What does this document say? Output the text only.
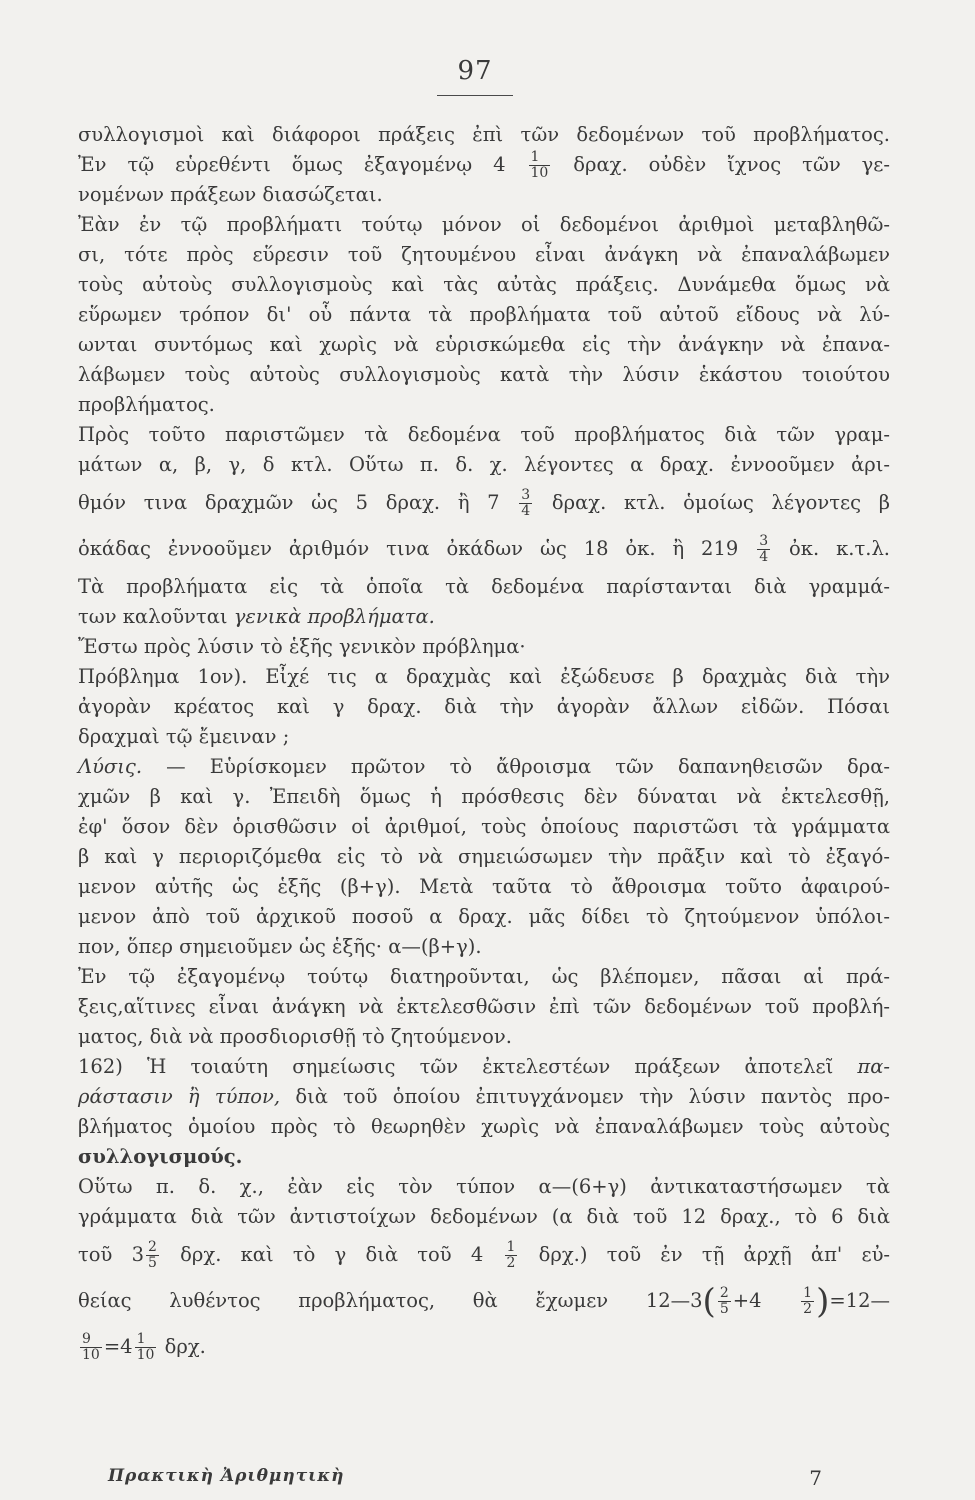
97
συλλογισμοὶ καὶ διάφοροι πράξεις ἐπὶ τῶν δεδομένων τοῦ προβλήματος.
Ἐν τῷ εὑρεθέντι ὅμως ἐξαγομένῳ $4 \frac{1}{10} \delta\rho\alpha\chi$. οὐδὲν ἴχνος τῶν γε-
νομένων πράξεων διασώζεται.
Ἐὰν ἐν τῷ προβλήματι τούτῳ μόνον οἱ δεδομένοι ἀριθμοὶ μεταβληθῶ-
σι, τότε πρὸς εὕρεσιν τοῦ ζητουμένου εἶναι ἀνάγκη νὰ ἐπαναλάβωμεν
τοὺς αὐτοὺς συλλογισμοὺς καὶ τὰς αὐτὰς πράξεις. Δυνάμεθα ὅμως νὰ
εὕρωμεν τρόπον δι' οὗ πάντα τὰ προβλήματα τοῦ αὐτοῦ εἴδους νὰ λύ-
ωνται συντόμως καὶ χωρὶς νὰ εὑρισκώμεθα εἰς τὴν ἀνάγκην νὰ ἐπανα-
λάβωμεν τοὺς αὐτοὺς συλλογισμοὺς κατὰ τὴν λύσιν ἑκάστου τοιούτου
προβλήματος.
Πρὸς τοῦτο παριστῶμεν τὰ δεδομένα τοῦ προβλήματος διὰ τῶν γραμ-
μάτων α, β, γ, δ κτλ. Οὕτω π. δ. χ. λέγοντες α δραχ. ἐννοοῦμεν ἀρι-
θμόν τινα δραχμῶν ὡς 5 δραχ. ἢ $7 \frac{3}{4} \delta\rho\alpha\chi$. κτλ. ὁμοίως λέγοντες β
ὀκάδας ἐννοοῦμεν ἀριθμόν τινα ὀκάδων ὡς 18 ὀκ. ἢ $219 \frac{3}{4}$ ὀκ. κ.τ.λ.
Τὰ προβλήματα εἰς τὰ ὁποῖα τὰ δεδομένα παρίστανται διὰ γραμμά-
των καλοῦνται γενικὰ προβλήματα.
Ἔστω πρὸς λύσιν τὸ ἑξῆς γενικὸν πρόβλημα·
Πρόβλημα 1ον). Εἶχέ τις α δραχμὰς καὶ ἐξώδευσε β δραχμὰς διὰ τὴν
ἀγορὰν κρέατος καὶ γ δραχ. διὰ τὴν ἀγορὰν ἄλλων εἰδῶν. Πόσαι
δραχμαὶ τῷ ἔμειναν ;
Λύσις. — Εὑρίσκομεν πρῶτον τὸ ἄθροισμα τῶν δαπανηθεισῶν δρα-
χμῶν β καὶ γ. Ἐπειδὴ ὅμως ἡ πρόσθεσις δὲν δύναται νὰ ἐκτελεσθῇ,
ἐφ' ὅσον δὲν ὁρισθῶσιν οἱ ἀριθμοί, τοὺς ὁποίους παριστῶσι τὰ γράμματα
β καὶ γ περιοριζόμεθα εἰς τὸ νὰ σημειώσωμεν τὴν πρᾶξιν καὶ τὸ ἐξαγό-
μενον αὐτῆς ὡς ἑξῆς (β+γ). Μετὰ ταῦτα τὸ ἄθροισμα τοῦτο ἀφαιρού-
μενον ἀπὸ τοῦ ἀρχικοῦ ποσοῦ α δραχ. μᾶς δίδει τὸ ζητούμενον ὑπόλοι-
πον, ὅπερ σημειοῦμεν ὡς ἑξῆς· α—(β+γ).
Ἐν τῷ ἐξαγομένῳ τούτῳ διατηροῦνται, ὡς βλέπομεν, πᾶσαι αἱ πρά-
ξεις,αἵτινες εἶναι ἀνάγκη νὰ ἐκτελεσθῶσιν ἐπὶ τῶν δεδομένων τοῦ προβλή-
ματος, διὰ νὰ προσδιορισθῇ τὸ ζητούμενον.
162) Ἡ τοιαύτη σημείωσις τῶν ἐκτελεστέων πράξεων ἀποτελεῖ πα-
ράστασιν ἢ τύπον, διὰ τοῦ ὁποίου ἐπιτυγχάνομεν τὴν λύσιν παντὸς προ-
βλήματος ὁμοίου πρὸς τὸ θεωρηθὲν χωρὶς νὰ ἐπαναλάβωμεν τοὺς αὐτοὺς
συλλογισμούς.
Οὕτω π. δ. χ., ἐὰν εἰς τὸν τύπον α—(6+γ) ἀντικαταστήσωμεν τὰ
γράμματα διὰ τῶν ἀντιστοίχων δεδομένων (α διὰ τοῦ 12 δραχ., τὸ 6 διὰ
τοῦ $3 \frac{2}{5} \delta\rho\chi$. καὶ τὸ γ διὰ τοῦ $4 \frac{1}{2} \delta\rho\chi$.) τοῦ ἐν τῇ ἀρχῇ ἀπ' εὐ-
θείας λυθέντος προβλήματος, θὰ ἔχωμεν 12—3( $\frac{2}{5} +4$	$\frac{1}{2}$ )=12—
$\frac{9}{10} =4 \frac{1}{10} \delta\rho\chi$.
Πρακτικὴ Ἀριθμητικὴ	7
